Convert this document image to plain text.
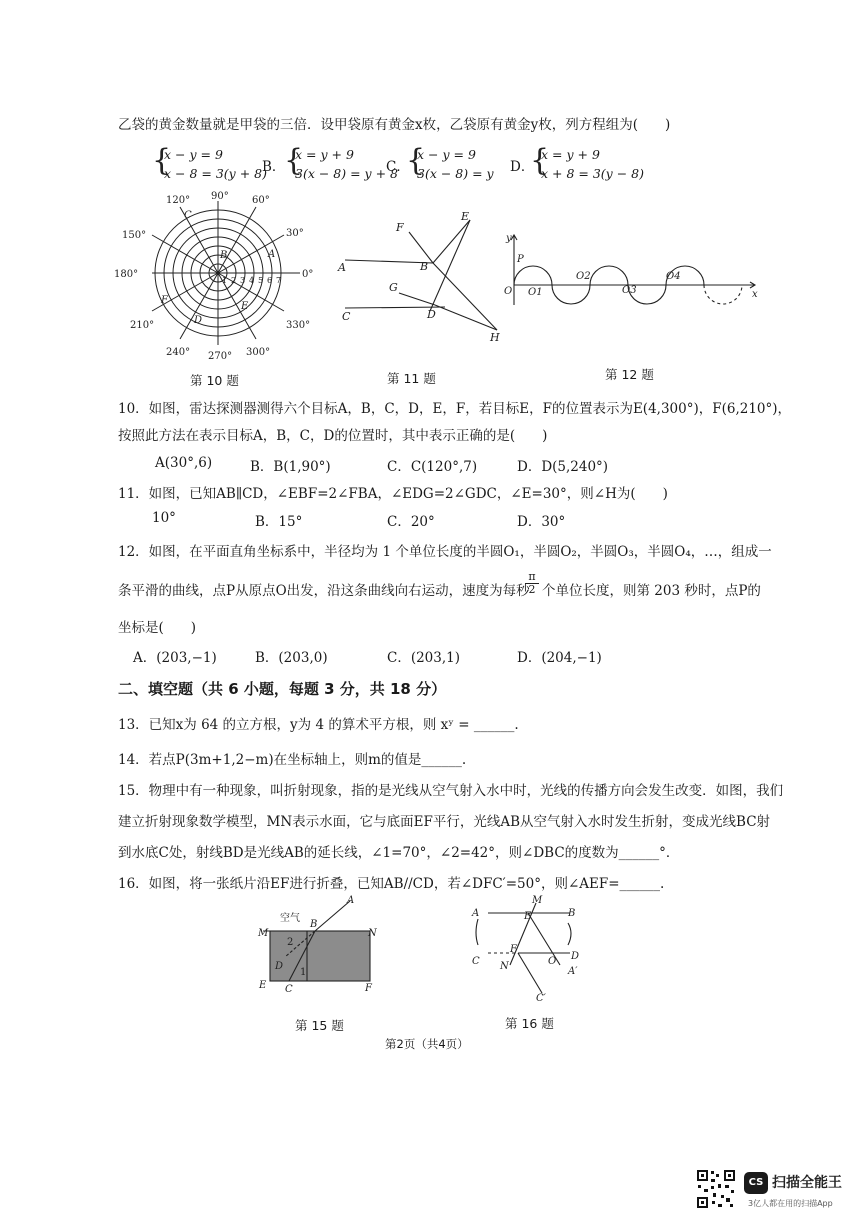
乙袋的黄金数量就是甲袋的三倍．设甲袋原有黄金x枚，乙袋原有黄金y枚，列方程组为(　　)
{
x − y = 9
x − 8 = 3(y + 8)
B．
{
x = y + 9
3(x − 8) = y + 8
C．
{
x − y = 9
3(x − 8) = y D．
{
x = y + 9
x + 8 = 3(y − 8)
90° 60°
30°
0°
330°
300°
270°
240°
210°
180°
150°
120°
A
B
C
D
E
F
1 2 3 4 5 6 7
第 10 题
F
E
A	B
G
C	D
H
第 11 题
y
P
O O1
O2
O3
O4
x
第 12 题
10．如图，雷达探测器测得六个目标A，B，C，D，E，F，若目标E，F的位置表示为E(4,300°)，F(6,210°)，
按照此方法在表示目标A，B，C，D的位置时，其中表示正确的是(　　)
A(30°,6)	B．B(1,90°)	C．C(120°,7)	D．D(5,240°)
11．如图，已知AB∥CD，∠EBF=2∠FBA，∠EDG=2∠GDC，∠E=30°，则∠H为(　　)
10°	B．15°	C．20°	D．30°
12．如图，在平面直角坐标系中，半径均为 1 个单位长度的半圆O₁，半圆O₂，半圆O₃，半圆O₄，…，组成一
条平滑的曲线，点P从原点O出发，沿这条曲线向右运动，速度为每秒
$\frac{\pi}{2}$ 个单位长度，则第 203 秒时，点P的
坐标是(　　)
A．(203,−1)	B．(203,0)	C．(203,1)	D．(204,−1)
二、填空题（共 6 小题，每题 3 分，共 18 分）
13．已知x为 64 的立方根，y为 4 的算术平方根，则 xʸ = ______.
14．若点P(3m+1,2−m)在坐标轴上，则m的值是______.
15．物理中有一种现象，叫折射现象，指的是光线从空气射入水中时，光线的传播方向会发生改变．如图，我们
建立折射现象数学模型，MN表示水面，它与底面EF平行，光线AB从空气射入水时发生折射，变成光线BC射
到水底C处，射线BD是光线AB的延长线，∠1=70°，∠2=42°，则∠DBC的度数为______°．
16．如图，将一张纸片沿EF进行折叠，已知AB//CD，若∠DFC′=50°，则∠AEF=______.
空气
A
B
M	N
D
E C	F
1
2
第 15 题
M
A	E	B
C
F
O D
N	A′
C′
第 16 题
第2页（共4页）
CS 扫描全能王
3亿人都在用的扫描App
